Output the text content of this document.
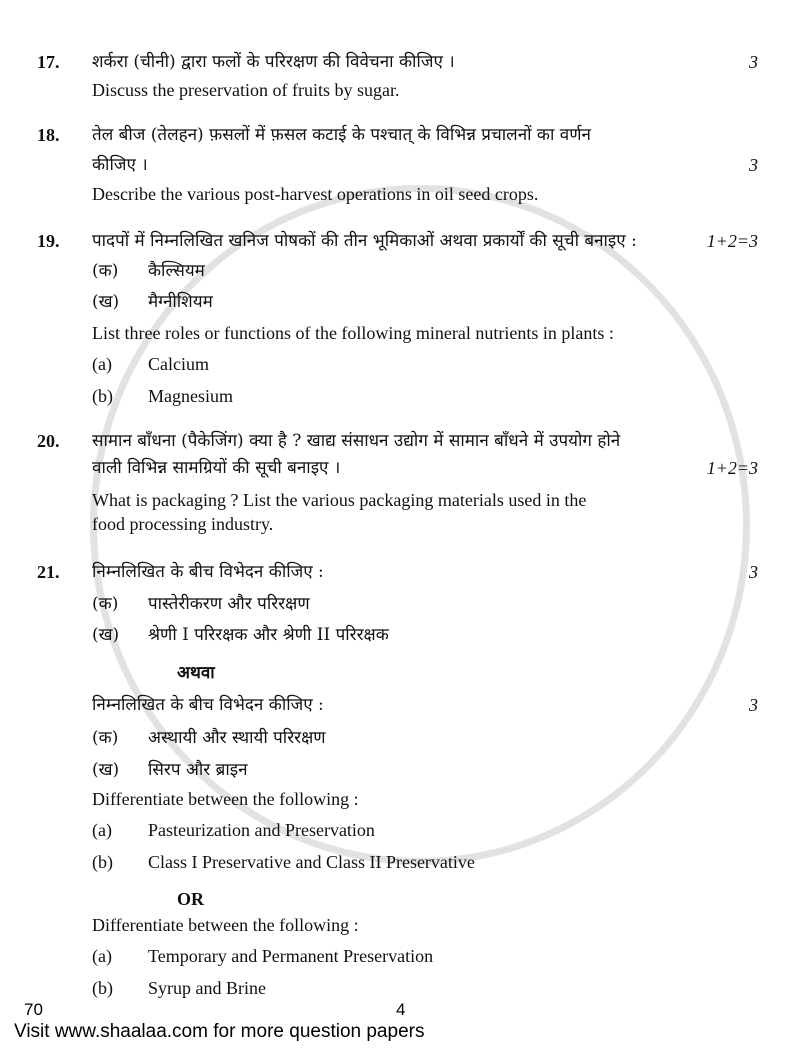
17.	शर्करा (चीनी) द्वारा फलों के परिरक्षण की विवेचना कीजिए ।	3
Discuss the preservation of fruits by sugar.
18.	तेल बीज (तेलहन) फ़सलों में फ़सल कटाई के पश्चात् के विभिन्न प्रचालनों का वर्णन
कीजिए ।	3
Describe the various post-harvest operations in oil seed crops.
19.	पादपों में निम्नलिखित खनिज पोषकों की तीन भूमिकाओं अथवा प्रकार्यों की सूची बनाइए :	1+2=3
(क)	कैल्सियम
(ख)	मैग्नीशियम
List three roles or functions of the following mineral nutrients in plants :
(a)	Calcium
(b)	Magnesium
20.	सामान बाँधना (पैकेजिंग) क्या है ? खाद्य संसाधन उद्योग में सामान बाँधने में उपयोग होने
वाली विभिन्न सामग्रियों की सूची बनाइए ।	1+2=3
What is packaging ? List the various packaging materials used in the
food processing industry.
21.	निम्नलिखित के बीच विभेदन कीजिए :	3
(क)	पास्तेरीकरण और परिरक्षण
(ख)	श्रेणी I परिरक्षक और श्रेणी II परिरक्षक
अथवा
निम्नलिखित के बीच विभेदन कीजिए :	3
(क)	अस्थायी और स्थायी परिरक्षण
(ख)	सिरप और ब्राइन
Differentiate between the following :
(a)	Pasteurization and Preservation
(b)	Class I Preservative and Class II Preservative
OR
Differentiate between the following :
(a)	Temporary and Permanent Preservation
(b)	Syrup and Brine
70	4
Visit www.shaalaa.com for more question papers
